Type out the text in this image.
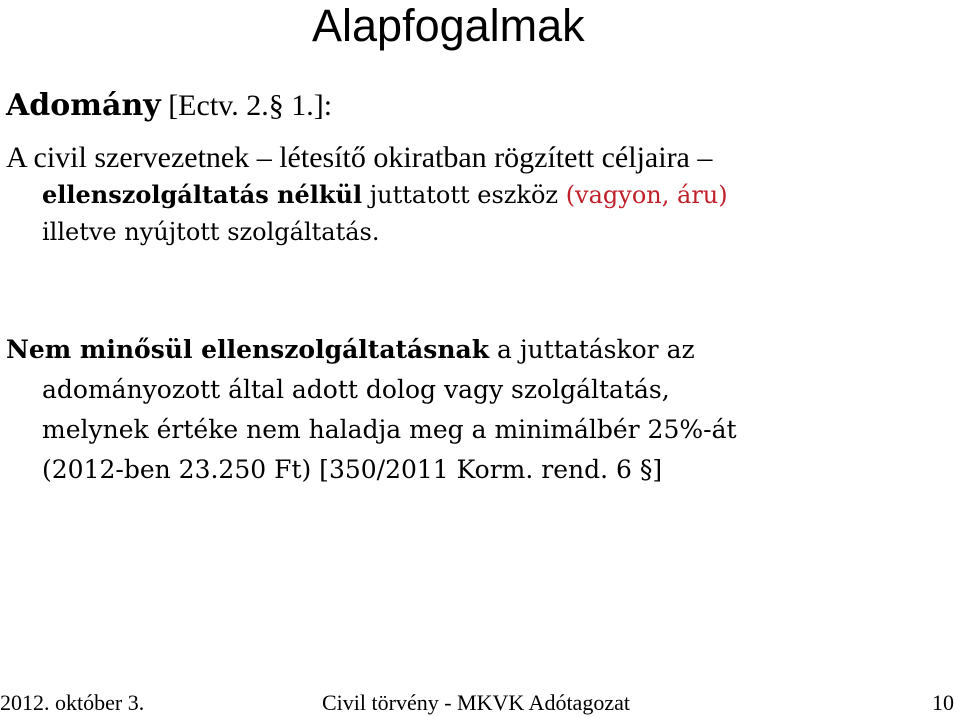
Alapfogalmak
Adomány [Ectv. 2.§ 1.]:
A civil szervezetnek – létesítő okiratban rögzített céljaira –
ellenszolgáltatás nélkül juttatott eszköz (vagyon, áru)
illetve nyújtott szolgáltatás.
Nem minősül ellenszolgáltatásnak a juttatáskor az
adományozott által adott dolog vagy szolgáltatás,
melynek értéke nem haladja meg a minimálbér 25%-át
(2012-ben 23.250 Ft) [350/2011 Korm. rend. 6 §]
2012. október 3.	Civil törvény - MKVK Adótagozat	10
